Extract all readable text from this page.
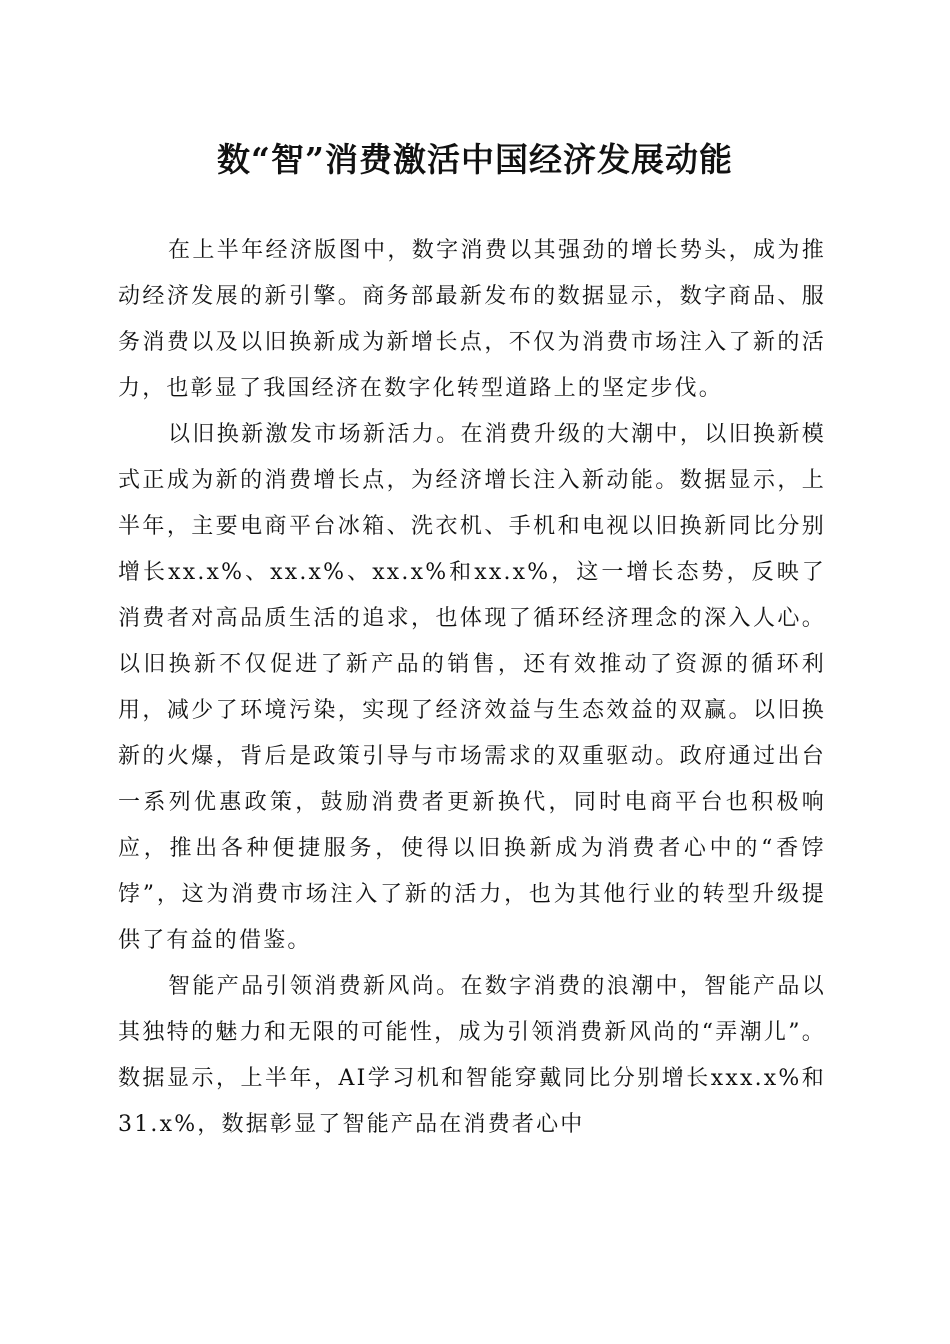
数“智”消费激活中国经济发展动能

在上半年经济版图中，数字消费以其强劲的增长势头，成为推动经济发展的新引擎。商务部最新发布的数据显示，数字商品、服务消费以及以旧换新成为新增长点，不仅为消费市场注入了新的活力，也彰显了我国经济在数字化转型道路上的坚定步伐。

以旧换新激发市场新活力。在消费升级的大潮中，以旧换新模式正成为新的消费增长点，为经济增长注入新动能。数据显示，上半年，主要电商平台冰箱、洗衣机、手机和电视以旧换新同比分别增长xx.x%、xx.x%、xx.x%和xx.x%，这一增长态势，反映了消费者对高品质生活的追求，也体现了循环经济理念的深入人心。以旧换新不仅促进了新产品的销售，还有效推动了资源的循环利用，减少了环境污染，实现了经济效益与生态效益的双赢。以旧换新的火爆，背后是政策引导与市场需求的双重驱动。政府通过出台一系列优惠政策，鼓励消费者更新换代，同时电商平台也积极响应，推出各种便捷服务，使得以旧换新成为消费者心中的“香饽饽”，这为消费市场注入了新的活力，也为其他行业的转型升级提供了有益的借鉴。

智能产品引领消费新风尚。在数字消费的浪潮中，智能产品以其独特的魅力和无限的可能性，成为引领消费新风尚的“弄潮儿”。数据显示，上半年，AI学习机和智能穿戴同比分别增长xxx.x%和31.x%，数据彰显了智能产品在消费者心中
